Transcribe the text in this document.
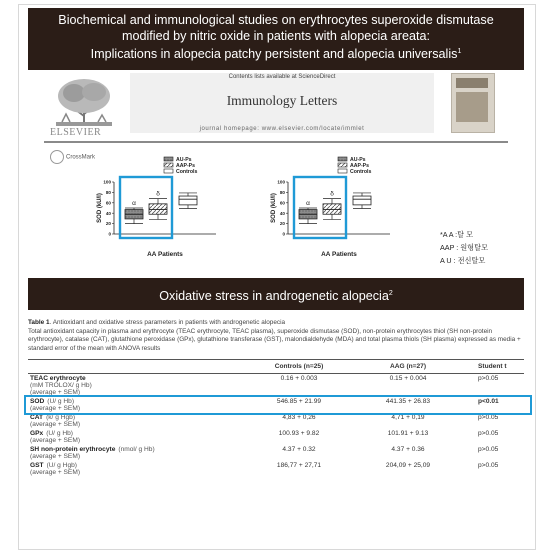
Biochemical and immunological studies on erythrocytes superoxide dismutase
modified by nitric oxide in patients with alopecia areata:
Implications in alopecia patchy persistent and alopecia universalis$^1$
ELSEVIER
Contents lists available at ScienceDirect
Immunology Letters
journal homepage: www.elsevier.com/locate/immlet
CrossMark	AU-Ps
AAP-Ps
Controls
100
80
60
40
20
0
SOD (kU/l)
AA Patients
α
δ
AU-Ps
AAP-Ps
Controls
100
80
60
40
20
0
SOD (kU/l)
AA Patients
α
δ
*A A :탈 모
AAP : 원형탈모
A U : 전신탈모
Oxidative stress in androgenetic alopecia$^2$
Table 1. Antioxidant and oxidative stress parameters in patients with androgenetic alopecia
Total antioxidant capacity in plasma and erythrocyte (TEAC erythrocyte, TEAC plasma), superoxide dismutase (SOD), non-protein erythrocytes thiol (SH non-protein erythrocyte), catalase (CAT), glutathione peroxidase (GPx), glutathione transferase (GST), malondialdehyde (MDA) and total plasma thiols (SH plasma) expressed as media + standard error of the mean with ANOVA results
	Controls (n=25)	AAG (n=27)	Student t
TEAC erythrocyte
(mM TROLOX/ g Hb)
(average + SEM)	0.16 + 0.003	0.15 + 0.004	p>0.05
SOD (U/ g Hb)
(average + SEM)	546.85 + 21.99	441.35 + 26.83	p<0.01
CAT (k/ g Hgb)
(average + SEM)	4,83 + 0,26	4,71 + 0,19	p>0.05
GPx (U/ g Hb)
(average + SEM)	100.93 + 9.82	101.91 + 9.13	p>0.05
SH non-protein erythrocyte (nmol/ g Hb)
(average + SEM)	4.37 + 0.32	4.37 + 0.36	p>0.05
GST (U/ g Hgb)
(average + SEM)	186,77 + 27,71	204,09 + 25,09	p>0.05
